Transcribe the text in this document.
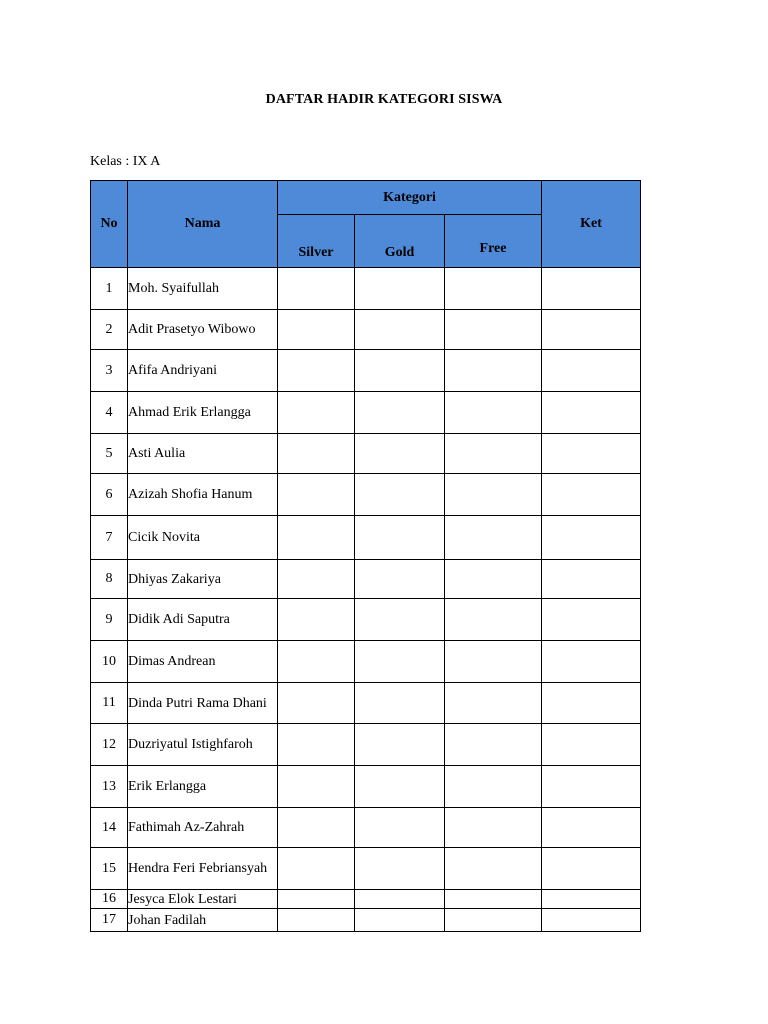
DAFTAR HADIR KATEGORI SISWA
Kelas : IX A
No	Nama	Kategori			Ket
		Silver	Gold	Free	
1	Moh. Syaifullah				
2	Adit Prasetyo Wibowo				
3	Afifa Andriyani				
4	Ahmad Erik Erlangga				
5	Asti Aulia				
6	Azizah Shofia Hanum				
7	Cicik Novita				
8	Dhiyas Zakariya				
9	Didik Adi Saputra				
10	Dimas Andrean				
11	Dinda Putri Rama Dhani				
12	Duzriyatul Istighfaroh				
13	Erik Erlangga				
14	Fathimah Az-Zahrah				
15	Hendra Feri Febriansyah				
16	Jesyca Elok Lestari				
17	Johan Fadilah				
